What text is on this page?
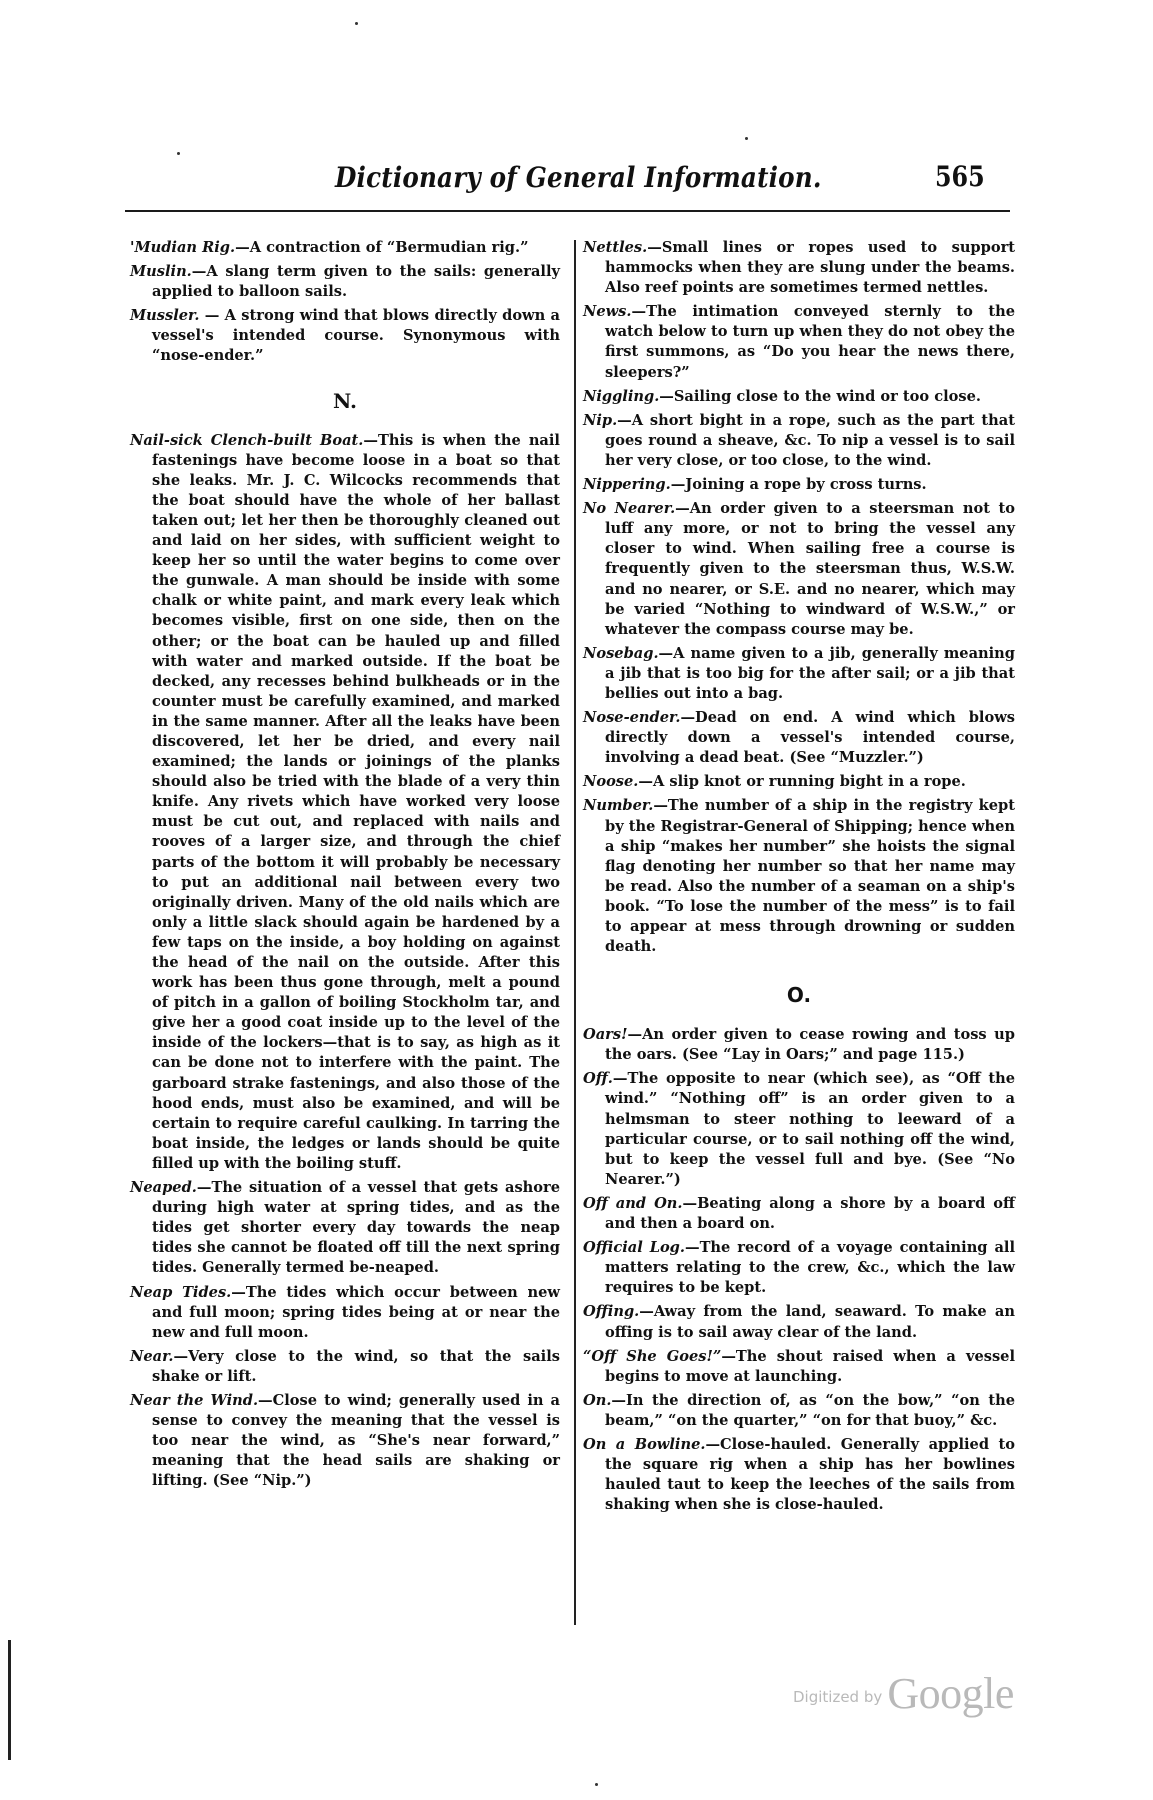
Dictionary of General Information.	565

'Mudian Rig.—A contraction of “Bermudian rig.”

Muslin.—A slang term given to the sails: generally applied to balloon sails.

Mussler. — A strong wind that blows directly down a vessel's intended course. Synonymous with “nose-ender.”

N.

Nail-sick Clench-built Boat.—This is when the nail fastenings have become loose in a boat so that she leaks. Mr. J. C. Wilcocks recommends that the boat should have the whole of her ballast taken out; let her then be thoroughly cleaned out and laid on her sides, with sufficient weight to keep her so until the water begins to come over the gunwale. A man should be inside with some chalk or white paint, and mark every leak which becomes visible, first on one side, then on the other; or the boat can be hauled up and filled with water and marked outside. If the boat be decked, any recesses behind bulkheads or in the counter must be carefully examined, and marked in the same manner. After all the leaks have been discovered, let her be dried, and every nail examined; the lands or joinings of the planks should also be tried with the blade of a very thin knife. Any rivets which have worked very loose must be cut out, and replaced with nails and rooves of a larger size, and through the chief parts of the bottom it will probably be necessary to put an additional nail between every two originally driven. Many of the old nails which are only a little slack should again be hardened by a few taps on the inside, a boy holding on against the head of the nail on the outside. After this work has been thus gone through, melt a pound of pitch in a gallon of boiling Stockholm tar, and give her a good coat inside up to the level of the inside of the lockers—that is to say, as high as it can be done not to interfere with the paint. The garboard strake fastenings, and also those of the hood ends, must also be examined, and will be certain to require careful caulking. In tarring the boat inside, the ledges or lands should be quite filled up with the boiling stuff.

Neaped.—The situation of a vessel that gets ashore during high water at spring tides, and as the tides get shorter every day towards the neap tides she cannot be floated off till the next spring tides. Generally termed be-neaped.

Neap Tides.—The tides which occur between new and full moon; spring tides being at or near the new and full moon.

Near.—Very close to the wind, so that the sails shake or lift.

Near the Wind.—Close to wind; generally used in a sense to convey the meaning that the vessel is too near the wind, as “She's near forward,” meaning that the head sails are shaking or lifting. (See “Nip.”)

Nettles.—Small lines or ropes used to support hammocks when they are slung under the beams. Also reef points are sometimes termed nettles.

News.—The intimation conveyed sternly to the watch below to turn up when they do not obey the first summons, as “Do you hear the news there, sleepers?”

Niggling.—Sailing close to the wind or too close.

Nip.—A short bight in a rope, such as the part that goes round a sheave, &c. To nip a vessel is to sail her very close, or too close, to the wind.

Nippering.—Joining a rope by cross turns.

No Nearer.—An order given to a steersman not to luff any more, or not to bring the vessel any closer to wind. When sailing free a course is frequently given to the steersman thus, W.S.W. and no nearer, or S.E. and no nearer, which may be varied “Nothing to windward of W.S.W.,” or whatever the compass course may be.

Nosebag.—A name given to a jib, generally meaning a jib that is too big for the after sail; or a jib that bellies out into a bag.

Nose-ender.—Dead on end. A wind which blows directly down a vessel's intended course, involving a dead beat. (See “Muzzler.”)

Noose.—A slip knot or running bight in a rope.

Number.—The number of a ship in the registry kept by the Registrar-General of Shipping; hence when a ship “makes her number” she hoists the signal flag denoting her number so that her name may be read. Also the number of a seaman on a ship's book. “To lose the number of the mess” is to fail to appear at mess through drowning or sudden death.

O.

Oars!—An order given to cease rowing and toss up the oars. (See “Lay in Oars;” and page 115.)

Off.—The opposite to near (which see), as “Off the wind.” “Nothing off” is an order given to a helmsman to steer nothing to leeward of a particular course, or to sail nothing off the wind, but to keep the vessel full and bye. (See “No Nearer.”)

Off and On.—Beating along a shore by a board off and then a board on.

Official Log.—The record of a voyage containing all matters relating to the crew, &c., which the law requires to be kept.

Offing.—Away from the land, seaward. To make an offing is to sail away clear of the land.

“Off She Goes!”—The shout raised when a vessel begins to move at launching.

On.—In the direction of, as “on the bow,” “on the beam,” “on the quarter,” “on for that buoy,” &c.

On a Bowline.—Close-hauled. Generally applied to the square rig when a ship has her bowlines hauled taut to keep the leeches of the sails from shaking when she is close-hauled.

Digitized by Google
